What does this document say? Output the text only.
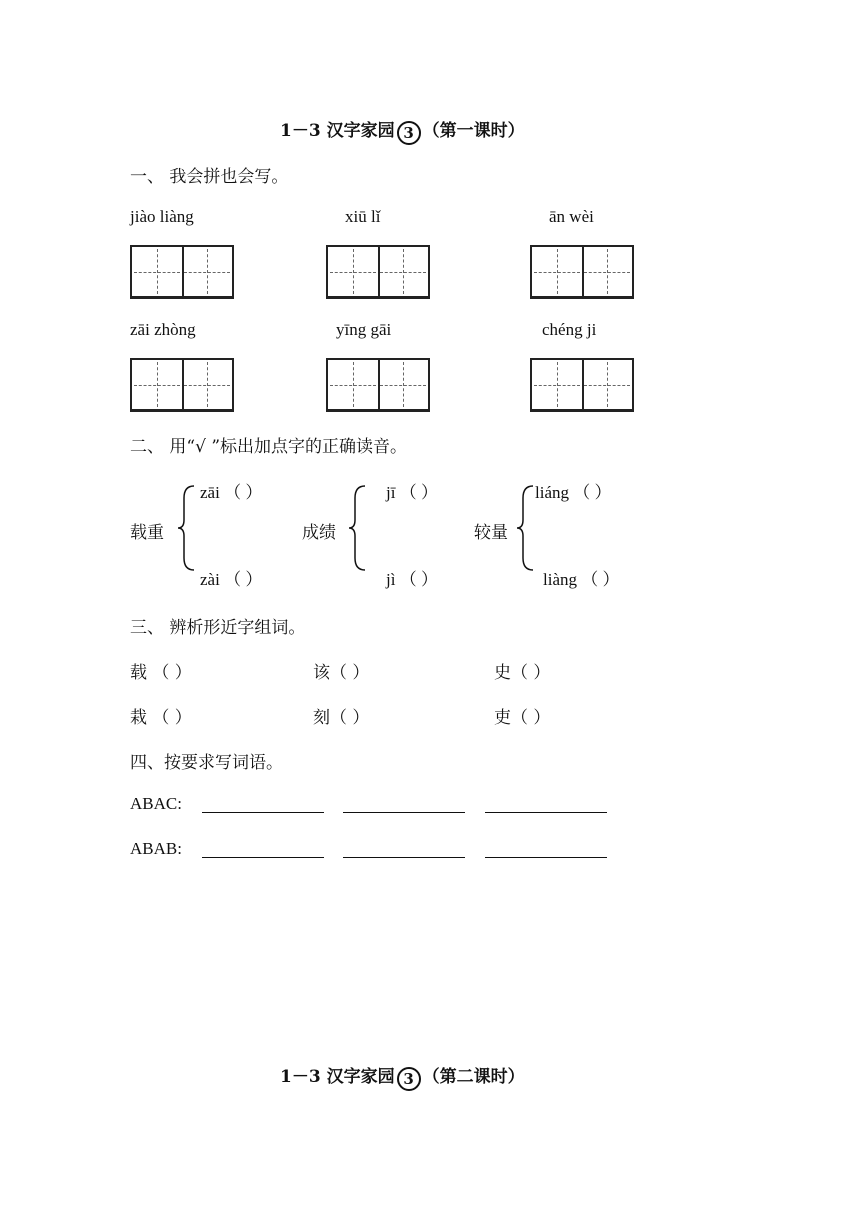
1－3 汉字家园 3 （第一课时）
一、 我会拼也会写。
jiào liàng	xiū lǐ	ān wèi
zāi zhòng	yīng gāi	chéng ji
二、 用“√ ”标出加点字的正确读音。
载重
zāi （ ）
zài （ ）
成绩
jī （ ）
jì （ ）
较量
liáng （ ）
liàng （ ）
三、 辨析形近字组词。
载 （ ）	该（ ）	史（ ）
栽 （ ）	刻（ ）	吏（ ）
四、按要求写词语。
ABAC:
ABAB:
1－3 汉字家园 3 （第二课时）
